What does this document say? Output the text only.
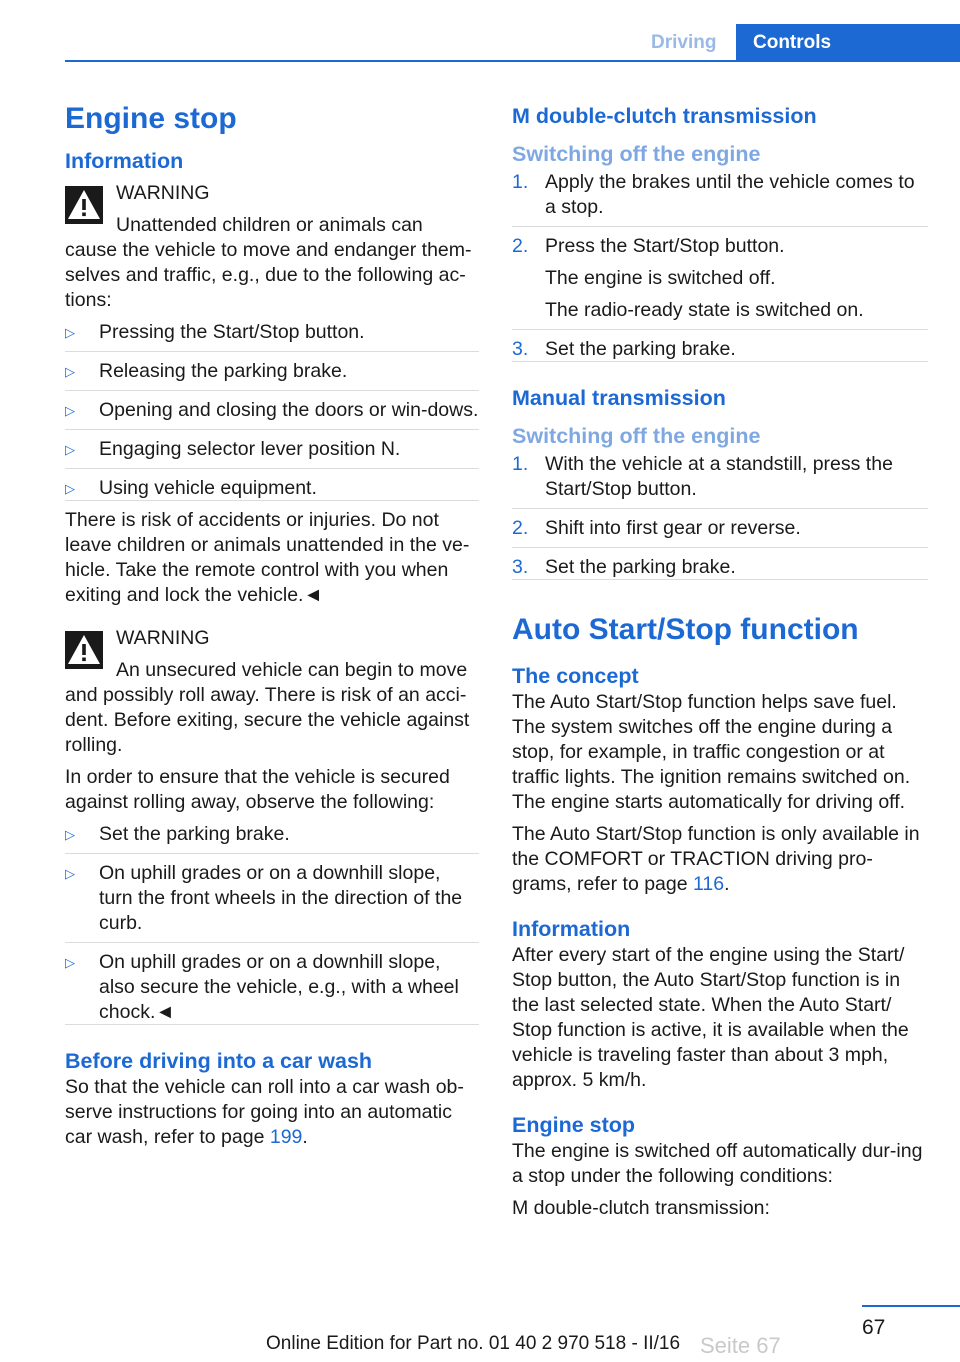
Driving	Controls
Engine stop
Information

WARNING

Unattended children or animals can

cause the vehicle to move and endanger them-selves and traffic, e.g., due to the following ac-tions:

▷ Pressing the Start/Stop button.
▷ Releasing the parking brake.
▷ Opening and closing the doors or win-dows.
▷ Engaging selector lever position N.
▷ Using vehicle equipment.

There is risk of accidents or injuries. Do not leave children or animals unattended in the ve-hicle. Take the remote control with you when exiting and lock the vehicle.◄

WARNING

An unsecured vehicle can begin to move

and possibly roll away. There is risk of an acci-dent. Before exiting, secure the vehicle against rolling.

In order to ensure that the vehicle is secured against rolling away, observe the following:

▷ Set the parking brake.
▷ On uphill grades or on a downhill slope, turn the front wheels in the direction of the curb.
▷ On uphill grades or on a downhill slope, also secure the vehicle, e.g., with a wheel chock.◄
Before driving into a car wash

So that the vehicle can roll into a car wash ob-serve instructions for going into an automatic car wash, refer to page 199.

M double-clutch transmission
Switching off the engine
1. Apply the brakes until the vehicle comes to a stop.
2. Press the Start/Stop button.
The engine is switched off.
The radio-ready state is switched on.
3. Set the parking brake.
Manual transmission
Switching off the engine
1. With the vehicle at a standstill, press the Start/Stop button.
2. Shift into first gear or reverse.
3. Set the parking brake.
Auto Start/Stop function
The concept

The Auto Start/Stop function helps save fuel. The system switches off the engine during a stop, for example, in traffic congestion or at traffic lights. The ignition remains switched on. The engine starts automatically for driving off.

The Auto Start/Stop function is only available in the COMFORT or TRACTION driving pro-grams, refer to page 116.

Information

After every start of the engine using the Start/ Stop button, the Auto Start/Stop function is in the last selected state. When the Auto Start/ Stop function is active, it is available when the vehicle is traveling faster than about 3 mph, approx. 5 km/h.

Engine stop

The engine is switched off automatically dur-ing a stop under the following conditions:

M double-clutch transmission:

67
Online Edition for Part no. 01 40 2 970 518 - II/16 Seite 67
